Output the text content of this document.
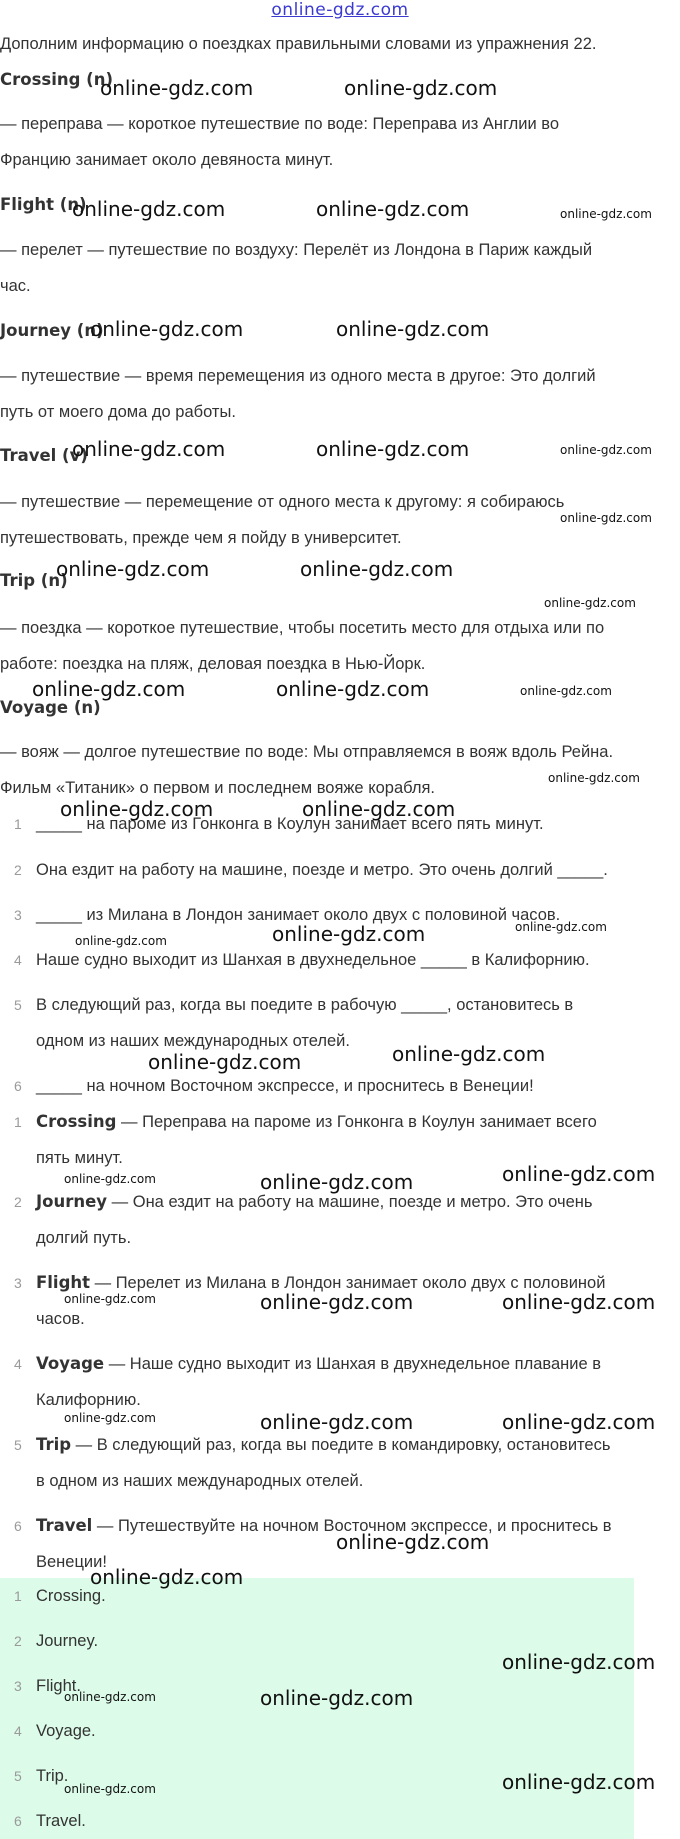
online-gdz.com
Дополним информацию о поездках правильными словами из упражнения 22.
Crossing (n)
— переправа — короткое путешествие по воде: Переправа из Англии во
Францию занимает около девяноста минут.
Flight (n)
— перелет — путешествие по воздуху: Перелёт из Лондона в Париж каждый
час.
Journey (n)
— путешествие — время перемещения из одного места в другое: Это долгий
путь от моего дома до работы.
Travel (v)
— путешествие — перемещение от одного места к другому: я собираюсь
путешествовать, прежде чем я пойду в университет.
Trip (n)
— поездка — короткое путешествие, чтобы посетить место для отдыха или по
работе: поездка на пляж, деловая поездка в Нью-Йорк.
Voyage (n)
— вояж — долгое путешествие по воде: Мы отправляемся в вояж вдоль Рейна.
Фильм «Титаник» о первом и последнем вояже корабля.
1 _____ на пароме из Гонконга в Коулун занимает всего пять минут.
2 Она ездит на работу на машине, поезде и метро. Это очень долгий _____.
3 _____ из Милана в Лондон занимает около двух с половиной часов.
4 Наше судно выходит из Шанхая в двухнедельное _____ в Калифорнию.
5 В следующий раз, когда вы поедите в рабочую _____, остановитесь в
одном из наших международных отелей.
6 _____ на ночном Восточном экспрессе, и проснитесь в Венеции!
1 Crossing — Переправа на пароме из Гонконга в Коулун занимает всего
пять минут.
2 Journey — Она ездит на работу на машине, поезде и метро. Это очень
долгий путь.
3 Flight — Перелет из Милана в Лондон занимает около двух с половиной
часов.
4 Voyage — Наше судно выходит из Шанхая в двухнедельное плавание в
Калифорнию.
5 Trip — В следующий раз, когда вы поедите в командировку, остановитесь
в одном из наших международных отелей.
6 Travel — Путешествуйте на ночном Восточном экспрессе, и проснитесь в
Венеции!
1 Crossing.
2 Journey.
3 Flight.
4 Voyage.
5 Trip.
6 Travel.
online-gdz.com	online-gdz.com
online-gdz.com	online-gdz.com	online-gdz.com
online-gdz.com	online-gdz.com
online-gdz.com	online-gdz.com	online-gdz.com
online-gdz.com
online-gdz.com	online-gdz.com
online-gdz.com
online-gdz.com	online-gdz.com	online-gdz.com
online-gdz.com
online-gdz.com	online-gdz.com
online-gdz.com	online-gdz.com
online-gdz.com
online-gdz.com
online-gdz.com
online-gdz.com	online-gdz.com
online-gdz.com
online-gdz.com	online-gdz.com	online-gdz.com
online-gdz.com	online-gdz.com	online-gdz.com
online-gdz.com
online-gdz.com
online-gdz.com
online-gdz.com	online-gdz.com
online-gdz.com
online-gdz.com
